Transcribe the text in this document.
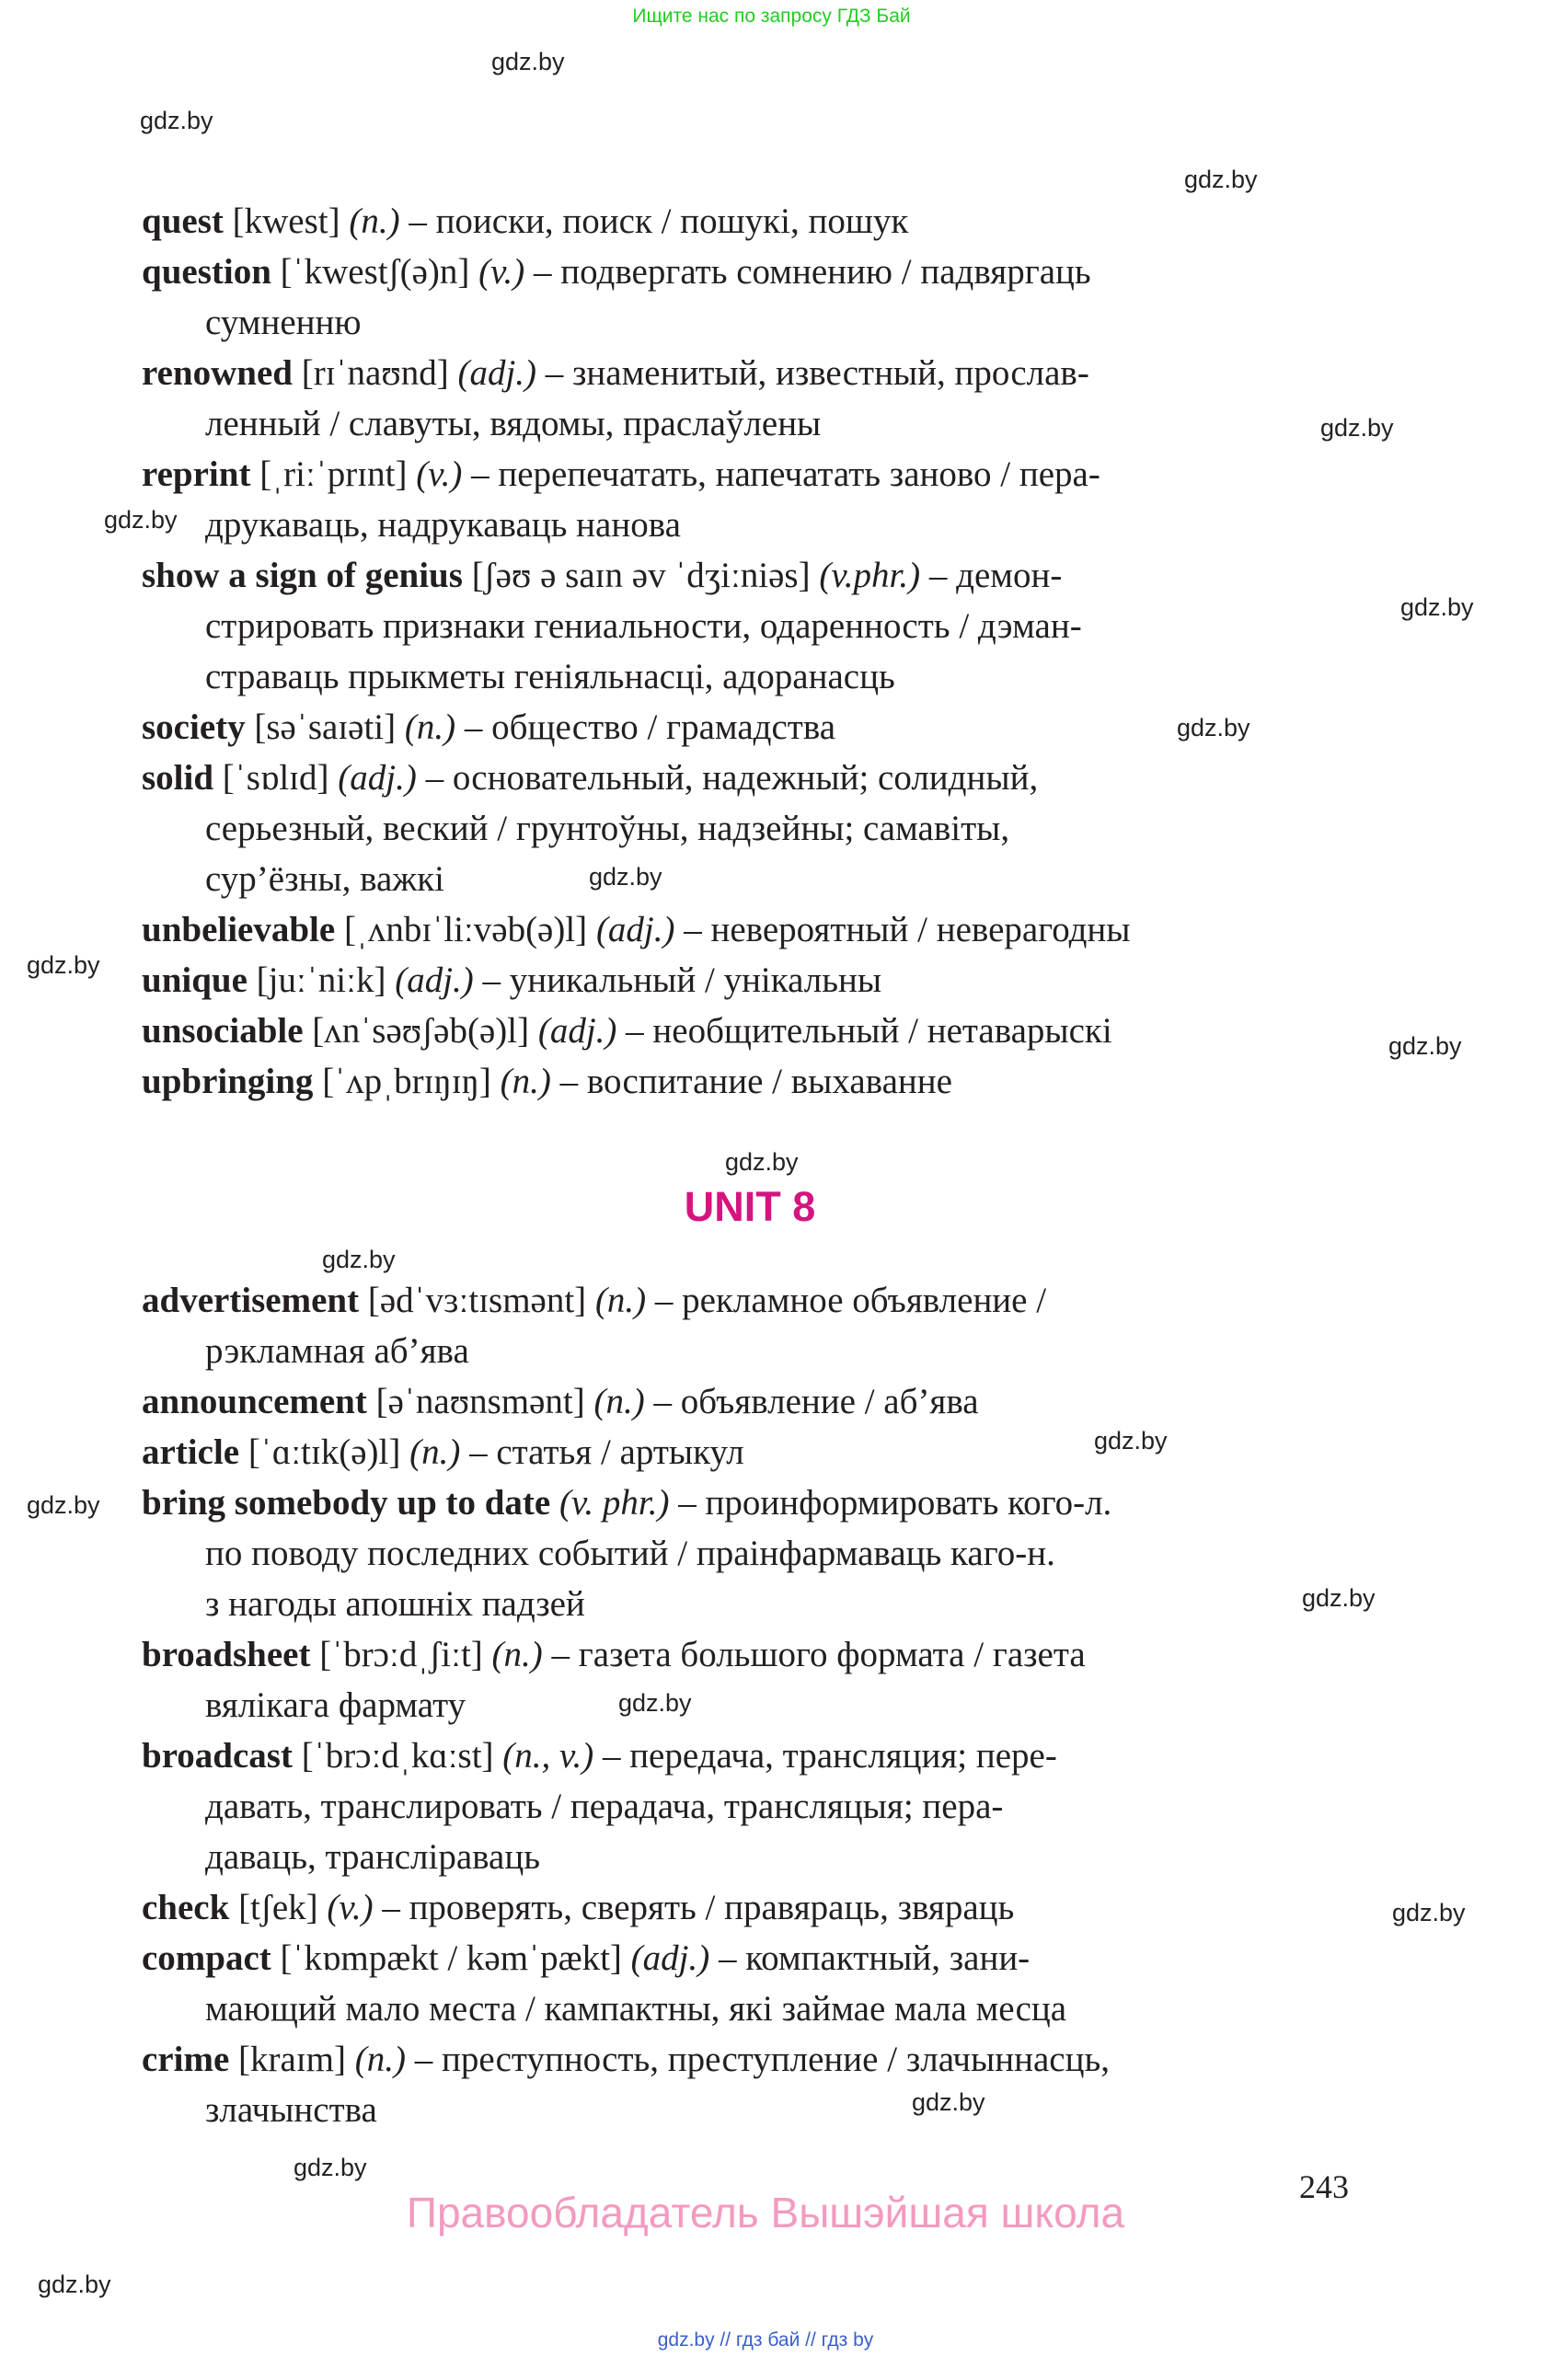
Ищите нас по запросу ГДЗ Бай
gdz.by
gdz.by
gdz.by
gdz.by
gdz.by
gdz.by
gdz.by
gdz.by
gdz.by
gdz.by
gdz.by
gdz.by
gdz.by
gdz.by
gdz.by
gdz.by
gdz.by
gdz.by
gdz.by
gdz.by
quest [kwest] (n.) – поиски, поиск / пошукі, пошук
question [ˈkwestʃ(ə)n] (v.) – подвергать сомнению / падвяргаць
сумненню
renowned [rɪˈnaʊnd] (adj.) – знаменитый, известный, прослав-
ленный / славуты, вядомы, праслаўлены
reprint [ˌriːˈprɪnt] (v.) – перепечатать, напечатать заново / пера-
друкаваць, надрукаваць нанова
show a sign of genius [ʃəʊ ə saɪn əv ˈdʒiːniəs] (v.phr.) – демон-
стрировать признаки гениальности, одаренность / дэман-
страваць прыкметы геніяльнасці, адоранасць
society [səˈsaɪəti] (n.) – общество / грамадства
solid [ˈsɒlɪd] (adj.) – основательный, надежный; солидный,
серьезный, веский / грунтоўны, надзейны; самавіты,
сур’ёзны, важкі
unbelievable [ˌʌnbɪˈliːvəb(ə)l] (adj.) – невероятный / неверагодны
unique [juːˈniːk] (adj.) – уникальный / унікальны
unsociable [ʌnˈsəʊʃəb(ə)l] (adj.) – необщительный / нетаварыскі
upbringing [ˈʌpˌbrɪŋɪŋ] (n.) – воспитание / выхаванне
UNIT 8
advertisement [ədˈvɜːtɪsmənt] (n.) – рекламное объявление /
рэкламная аб’ява
announcement [əˈnaʊnsmənt] (n.) – объявление / аб’ява
article [ˈɑːtɪk(ə)l] (n.) – статья / артыкул
bring somebody up to date (v. phr.) – проинформировать кого-л.
по поводу последних событий / праінфармаваць каго-н.
з нагоды апошніх падзей
broadsheet [ˈbrɔːdˌʃiːt] (n.) – газета большого формата / газета
вялікага фармату
broadcast [ˈbrɔːdˌkɑːst] (n., v.) – передача, трансляция; пере-
давать, транслировать / перадача, трансляцыя; пера-
даваць, трансліраваць
check [tʃek] (v.) – проверять, сверять / правяраць, звяраць
compact [ˈkɒmpækt / kəmˈpækt] (adj.) – компактный, зани-
мающий мало места / кампактны, які займае мала месца
crime [kraɪm] (n.) – преступность, преступление / злачыннасць,
злачынства
243
Правообладатель Вышэйшая школа
gdz.by // гдз бай // гдз by
